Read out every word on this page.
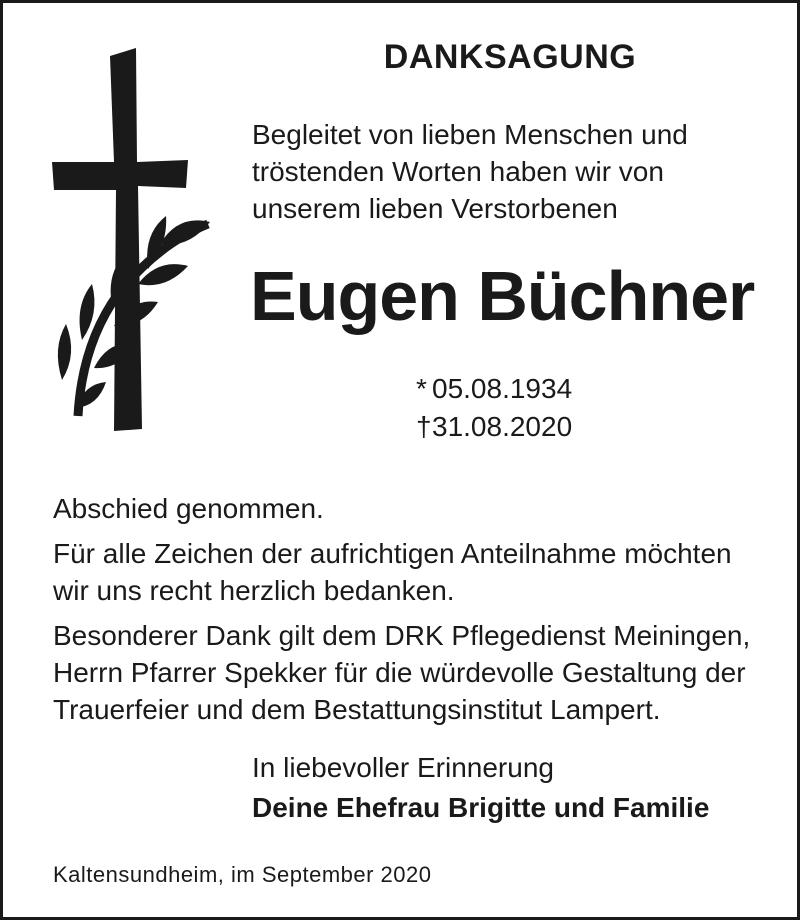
DANKSAGUNG
Begleitet von lieben Menschen und
tröstenden Worten haben wir von
unserem lieben Verstorbenen
Eugen Büchner
* 05.08.1934
†31.08.2020
Abschied genommen.
Für alle Zeichen der aufrichtigen Anteilnahme möchten
wir uns recht herzlich bedanken.
Besonderer Dank gilt dem DRK Pflegedienst Meiningen,
Herrn Pfarrer Spekker für die würdevolle Gestaltung der
Trauerfeier und dem Bestattungsinstitut Lampert.
In liebevoller Erinnerung
Deine Ehefrau Brigitte und Familie
Kaltensundheim, im September 2020
